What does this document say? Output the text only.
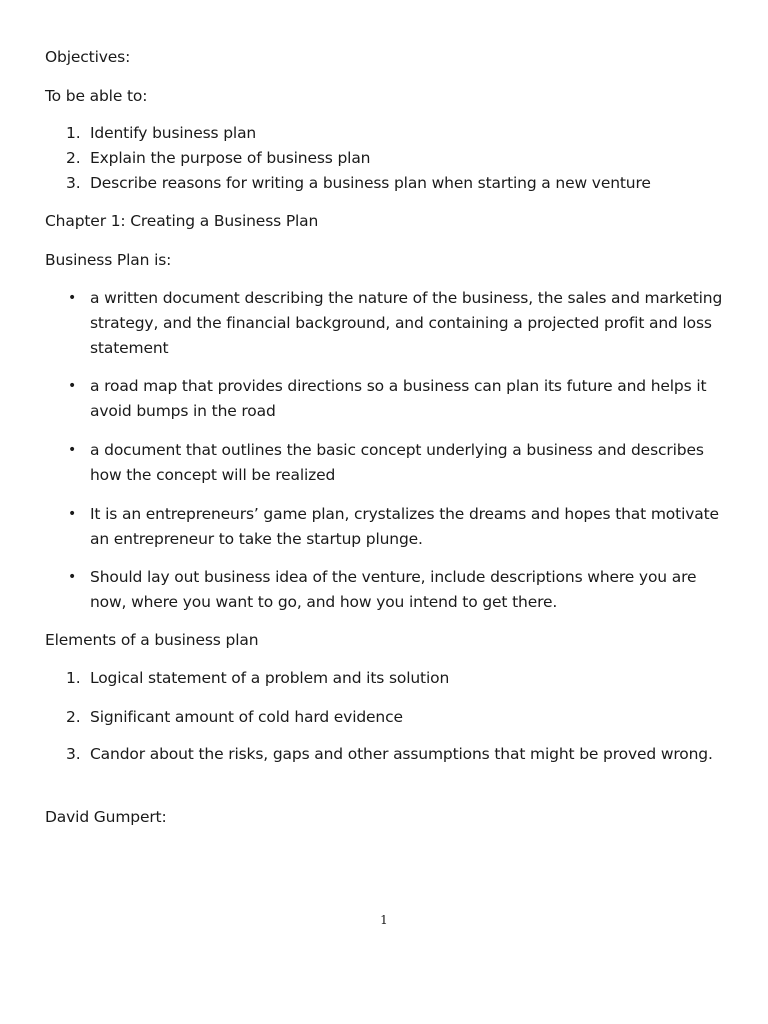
Objectives:
To be able to:
1. Identify business plan
2. Explain the purpose of business plan
3. Describe reasons for writing a business plan when starting a new venture
Chapter 1: Creating a Business Plan
Business Plan is:
• a written document describing the nature of the business, the sales and marketing strategy, and the financial background, and containing a projected profit and loss statement
• a road map that provides directions so a business can plan its future and helps it avoid bumps in the road
• a document that outlines the basic concept underlying a business and describes how the concept will be realized
• It is an entrepreneurs’ game plan, crystalizes the dreams and hopes that motivate an entrepreneur to take the startup plunge.
• Should lay out business idea of the venture, include descriptions where you are now, where you want to go, and how you intend to get there.
Elements of a business plan
1. Logical statement of a problem and its solution
2. Significant amount of cold hard evidence
3. Candor about the risks, gaps and other assumptions that might be proved wrong.
David Gumpert:
1
